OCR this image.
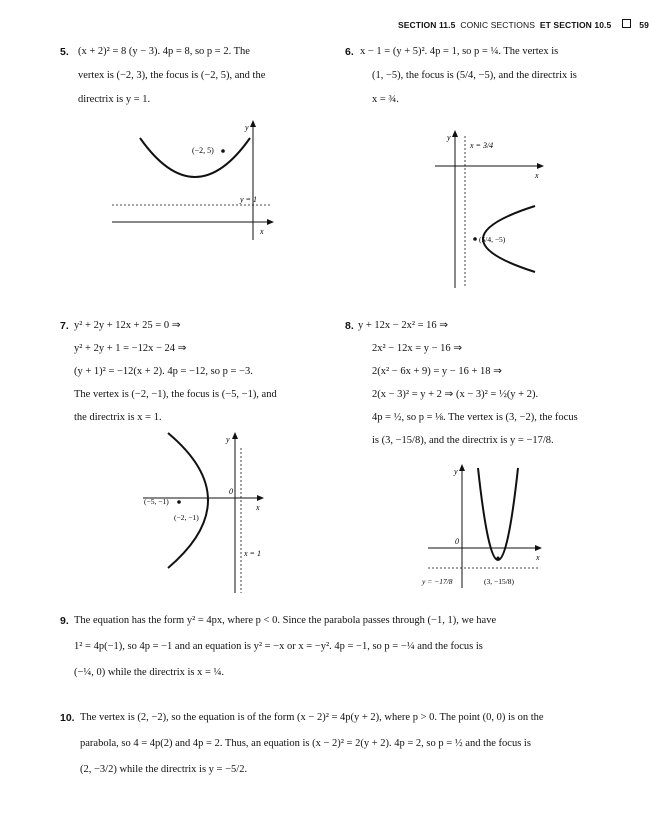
SECTION 11.5 CONIC SECTIONS ET SECTION 10.5	59
5. (x + 2)² = 8 (y − 3). 4p = 8, so p = 2. The
vertex is (−2, 3), the focus is (−2, 5), and the
directrix is y = 1.
y
x
y = 1
(−2, 5)
6. x − 1 = (y + 5)². 4p = 1, so p = ¼. The vertex is
(1, −5), the focus is (5/4, −5), and the directrix is
x = ¾.
y
x
x = 3/4
(5/4, −5)
7. y² + 2y + 12x + 25 = 0 ⇒
y² + 2y + 1 = −12x − 24 ⇒
(y + 1)² = −12(x + 2). 4p = −12, so p = −3.
The vertex is (−2, −1), the focus is (−5, −1), and
the directrix is x = 1.
y
x
0
x = 1
(−5, −1)
(−2, −1)
8. y + 12x − 2x² = 16 ⇒
2x² − 12x = y − 16 ⇒
2(x² − 6x + 9) = y − 16 + 18 ⇒
2(x − 3)² = y + 2 ⇒ (x − 3)² = ½(y + 2).
4p = ½, so p = ⅛. The vertex is (3, −2), the focus
is (3, −15/8), and the directrix is y = −17/8.
y
x
0
y = −17/8	(3, −15/8)
9. The equation has the form y² = 4px, where p < 0. Since the parabola passes through (−1, 1), we have
1² = 4p(−1), so 4p = −1 and an equation is y² = −x or x = −y². 4p = −1, so p = −¼ and the focus is
(−¼, 0) while the directrix is x = ¼.
10. The vertex is (2, −2), so the equation is of the form (x − 2)² = 4p(y + 2), where p > 0. The point (0, 0) is on the
parabola, so 4 = 4p(2) and 4p = 2. Thus, an equation is (x − 2)² = 2(y + 2). 4p = 2, so p = ½ and the focus is
(2, −3/2) while the directrix is y = −5/2.
